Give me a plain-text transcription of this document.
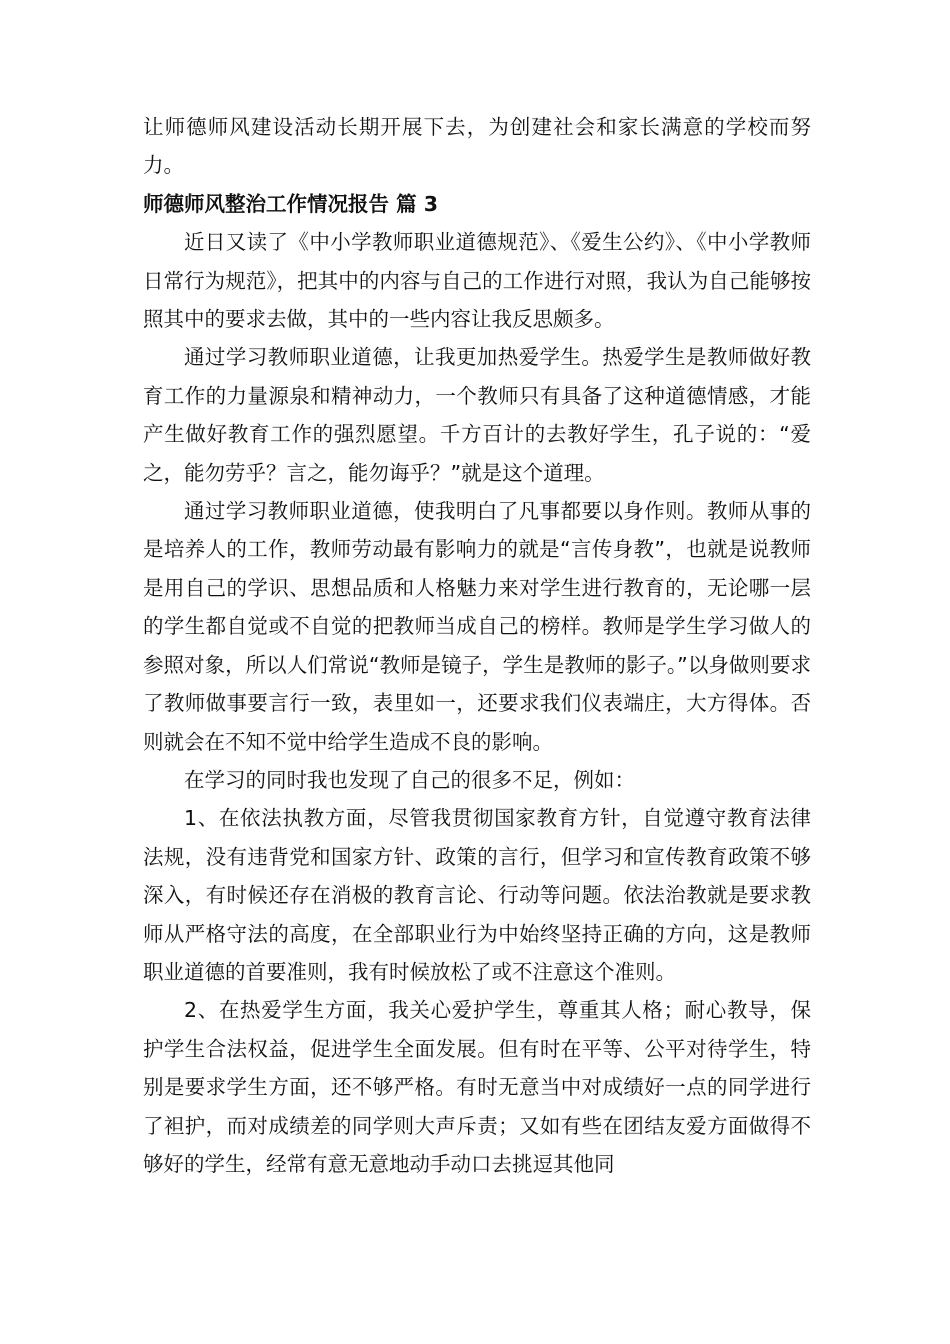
让师德师风建设活动长期开展下去，为创建社会和家长满意的学校而努力。

师德师风整治工作情况报告 篇 3

近日又读了《中小学教师职业道德规范》、《爱生公约》、《中小学教师日常行为规范》，把其中的内容与自己的工作进行对照，我认为自己能够按照其中的要求去做，其中的一些内容让我反思颇多。

通过学习教师职业道德，让我更加热爱学生。热爱学生是教师做好教育工作的力量源泉和精神动力，一个教师只有具备了这种道德情感，才能产生做好教育工作的强烈愿望。千方百计的去教好学生，孔子说的：“爱之，能勿劳乎？言之，能勿诲乎？”就是这个道理。

通过学习教师职业道德，使我明白了凡事都要以身作则。教师从事的是培养人的工作，教师劳动最有影响力的就是“言传身教”，也就是说教师是用自己的学识、思想品质和人格魅力来对学生进行教育的，无论哪一层的学生都自觉或不自觉的把教师当成自己的榜样。教师是学生学习做人的参照对象，所以人们常说“教师是镜子，学生是教师的影子。”以身做则要求了教师做事要言行一致，表里如一，还要求我们仪表端庄，大方得体。否则就会在不知不觉中给学生造成不良的影响。

在学习的同时我也发现了自己的很多不足，例如：

1、在依法执教方面，尽管我贯彻国家教育方针，自觉遵守教育法律法规，没有违背党和国家方针、政策的言行，但学习和宣传教育政策不够深入，有时候还存在消极的教育言论、行动等问题。依法治教就是要求教师从严格守法的高度，在全部职业行为中始终坚持正确的方向，这是教师职业道德的首要准则，我有时候放松了或不注意这个准则。

2、在热爱学生方面，我关心爱护学生，尊重其人格；耐心教导，保护学生合法权益，促进学生全面发展。但有时在平等、公平对待学生，特别是要求学生方面，还不够严格。有时无意当中对成绩好一点的同学进行了袒护，而对成绩差的同学则大声斥责；又如有些在团结友爱方面做得不够好的学生，经常有意无意地动手动口去挑逗其他同
